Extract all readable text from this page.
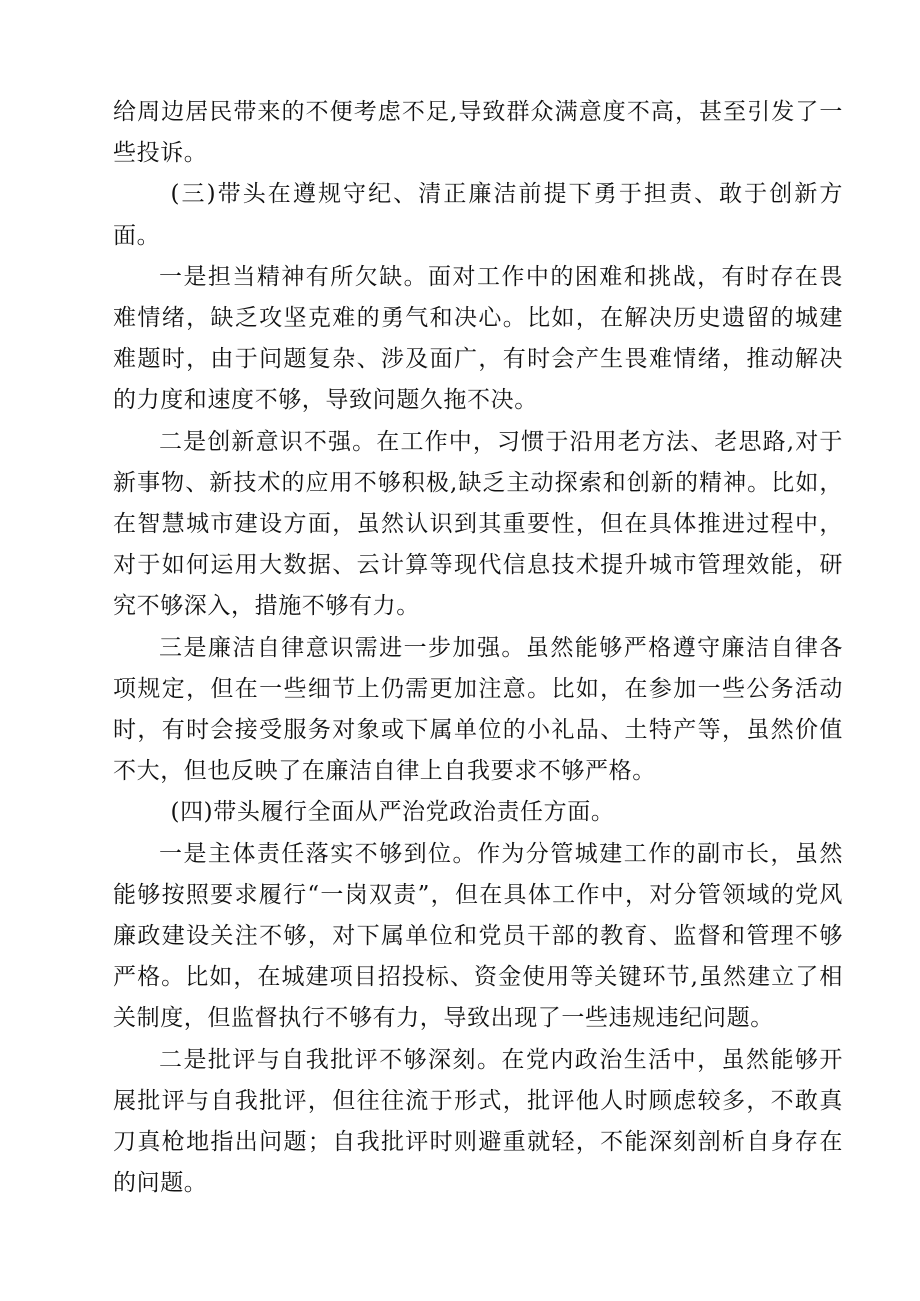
给周边居民带来的不便考虑不足,导致群众满意度不高，甚至引发了一些投诉。

(三)带头在遵规守纪、清正廉洁前提下勇于担责、敢于创新方面。

一是担当精神有所欠缺。面对工作中的困难和挑战，有时存在畏难情绪，缺乏攻坚克难的勇气和决心。比如，在解决历史遗留的城建难题时，由于问题复杂、涉及面广，有时会产生畏难情绪，推动解决的力度和速度不够，导致问题久拖不决。

二是创新意识不强。在工作中，习惯于沿用老方法、老思路,对于新事物、新技术的应用不够积极,缺乏主动探索和创新的精神。比如，在智慧城市建设方面，虽然认识到其重要性，但在具体推进过程中，对于如何运用大数据、云计算等现代信息技术提升城市管理效能，研究不够深入，措施不够有力。

三是廉洁自律意识需进一步加强。虽然能够严格遵守廉洁自律各项规定，但在一些细节上仍需更加注意。比如，在参加一些公务活动时，有时会接受服务对象或下属单位的小礼品、土特产等，虽然价值不大，但也反映了在廉洁自律上自我要求不够严格。

(四)带头履行全面从严治党政治责任方面。

一是主体责任落实不够到位。作为分管城建工作的副市长，虽然能够按照要求履行“一岗双责”，但在具体工作中，对分管领域的党风廉政建设关注不够，对下属单位和党员干部的教育、监督和管理不够严格。比如，在城建项目招投标、资金使用等关键环节,虽然建立了相关制度，但监督执行不够有力，导致出现了一些违规违纪问题。

二是批评与自我批评不够深刻。在党内政治生活中，虽然能够开展批评与自我批评，但往往流于形式，批评他人时顾虑较多，不敢真刀真枪地指出问题；自我批评时则避重就轻，不能深刻剖析自身存在的问题。
